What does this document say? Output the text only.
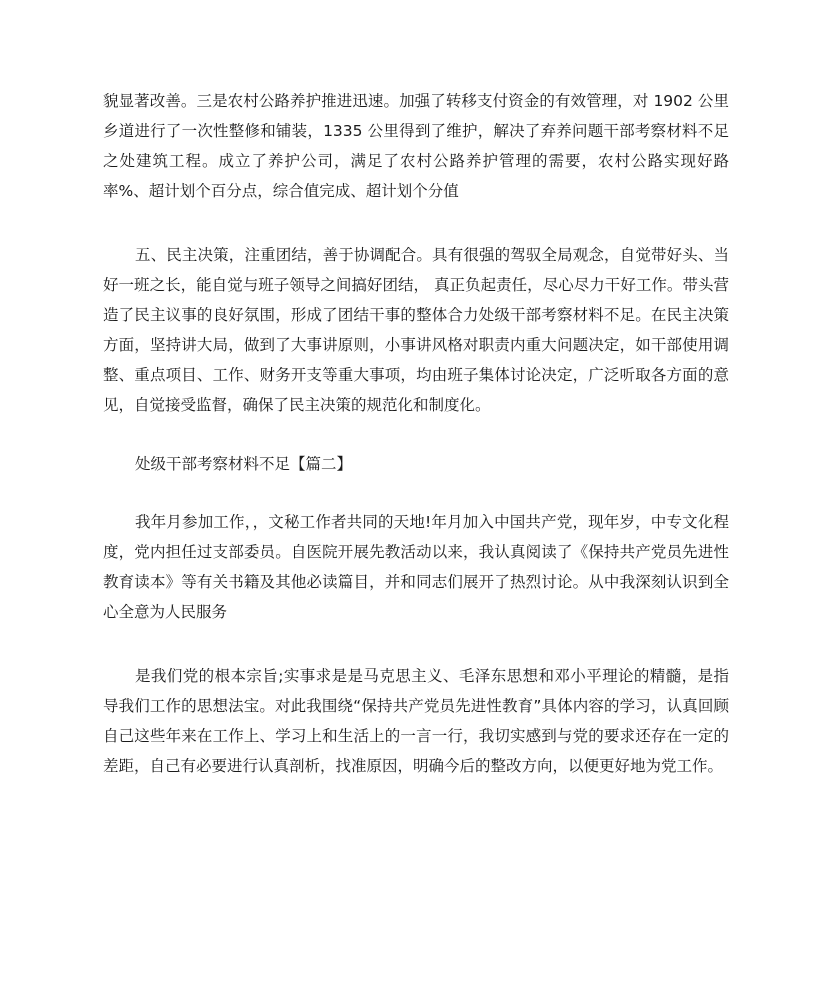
貌显著改善。三是农村公路养护推进迅速。加强了转移支付资金的有效管理，对 1902 公里乡道进行了一次性整修和铺装，1335 公里得到了维护，解决了弃养问题干部考察材料不足之处建筑工程。成立了养护公司，满足了农村公路养护管理的需要，农村公路实现好路率%、超计划个百分点，综合值完成、超计划个分值

五、民主决策，注重团结，善于协调配合。具有很强的驾驭全局观念，自觉带好头、当好一班之长，能自觉与班子领导之间搞好团结， 真正负起责任，尽心尽力干好工作。带头营造了民主议事的良好氛围，形成了团结干事的整体合力处级干部考察材料不足。在民主决策方面，坚持讲大局，做到了大事讲原则，小事讲风格对职责内重大问题决定，如干部使用调整、重点项目、工作、财务开支等重大事项，均由班子集体讨论决定，广泛听取各方面的意见，自觉接受监督，确保了民主决策的规范化和制度化。

处级干部考察材料不足【篇二】

我年月参加工作，，文秘工作者共同的天地!年月加入中国共产党，现年岁，中专文化程度，党内担任过支部委员。自医院开展先教活动以来，我认真阅读了《保持共产党员先进性教育读本》等有关书籍及其他必读篇目，并和同志们展开了热烈讨论。从中我深刻认识到全心全意为人民服务

是我们党的根本宗旨;实事求是是马克思主义、毛泽东思想和邓小平理论的精髓，是指导我们工作的思想法宝。对此我围绕“保持共产党员先进性教育”具体内容的学习，认真回顾自己这些年来在工作上、学习上和生活上的一言一行，我切实感到与党的要求还存在一定的差距，自己有必要进行认真剖析，找准原因，明确今后的整改方向，以便更好地为党工作。
